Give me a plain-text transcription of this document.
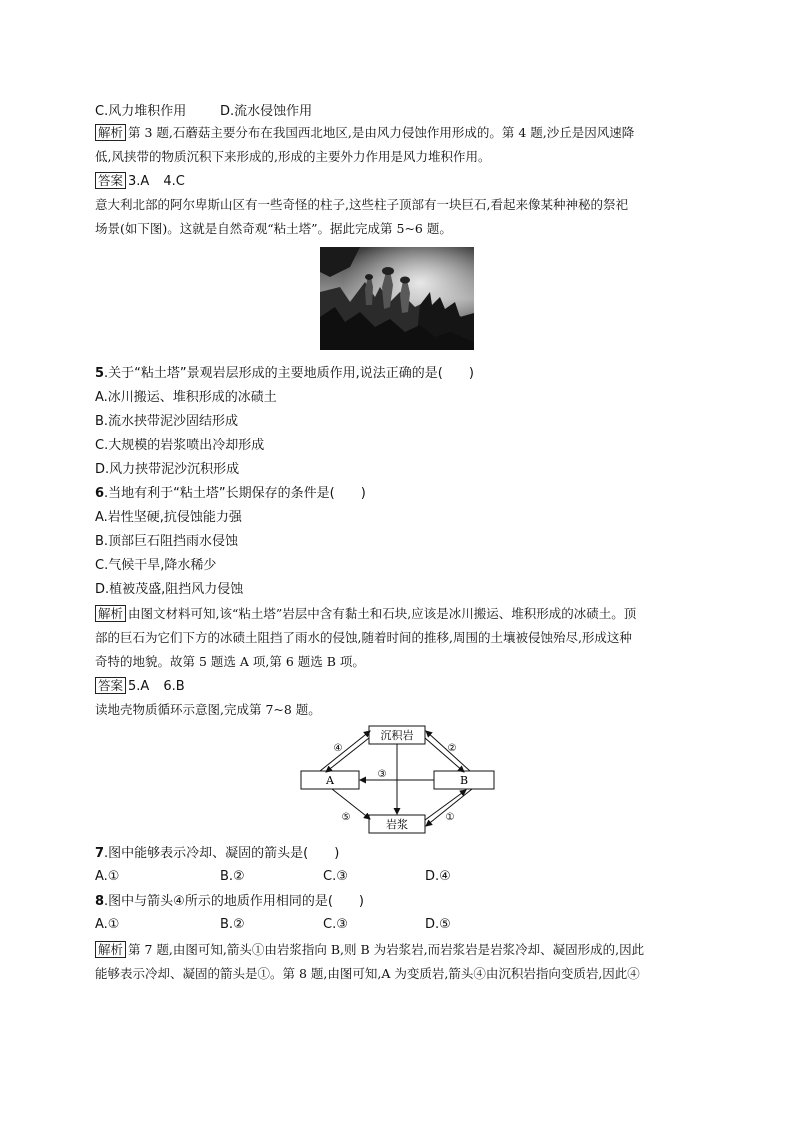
C.风力堆积作用	D.流水侵蚀作用
解析 第 3 题,石蘑菇主要分布在我国西北地区,是由风力侵蚀作用形成的。第 4 题,沙丘是因风速降
低,风挟带的物质沉积下来形成的,形成的主要外力作用是风力堆积作用。
答案 3.A 4.C
意大利北部的阿尔卑斯山区有一些奇怪的柱子,这些柱子顶部有一块巨石,看起来像某种神秘的祭祀
场景(如下图)。这就是自然奇观“粘土塔”。据此完成第 5~6 题。
5.关于“粘土塔”景观岩层形成的主要地质作用,说法正确的是(　　)
A.冰川搬运、堆积形成的冰碛土
B.流水挟带泥沙固结形成
C.大规模的岩浆喷出冷却形成
D.风力挟带泥沙沉积形成
6.当地有利于“粘土塔”长期保存的条件是(　　)
A.岩性坚硬,抗侵蚀能力强
B.顶部巨石阻挡雨水侵蚀
C.气候干旱,降水稀少
D.植被茂盛,阻挡风力侵蚀
解析 由图文材料可知,该“粘土塔”岩层中含有黏土和石块,应该是冰川搬运、堆积形成的冰碛土。顶
部的巨石为它们下方的冰碛土阻挡了雨水的侵蚀,随着时间的推移,周围的土壤被侵蚀殆尽,形成这种
奇特的地貌。故第 5 题选 A 项,第 6 题选 B 项。
答案 5.A 6.B
读地壳物质循环示意图,完成第 7~8 题。
沉积岩
A	B
岩浆
④	②
③
⑤	①
7.图中能够表示冷却、凝固的箭头是(　　)
A.①	B.②	C.③	D.④
8.图中与箭头④所示的地质作用相同的是(　　)
A.①	B.②	C.③	D.⑤
解析 第 7 题,由图可知,箭头①由岩浆指向 B,则 B 为岩浆岩,而岩浆岩是岩浆冷却、凝固形成的,因此
能够表示冷却、凝固的箭头是①。第 8 题,由图可知,A 为变质岩,箭头④由沉积岩指向变质岩,因此④
